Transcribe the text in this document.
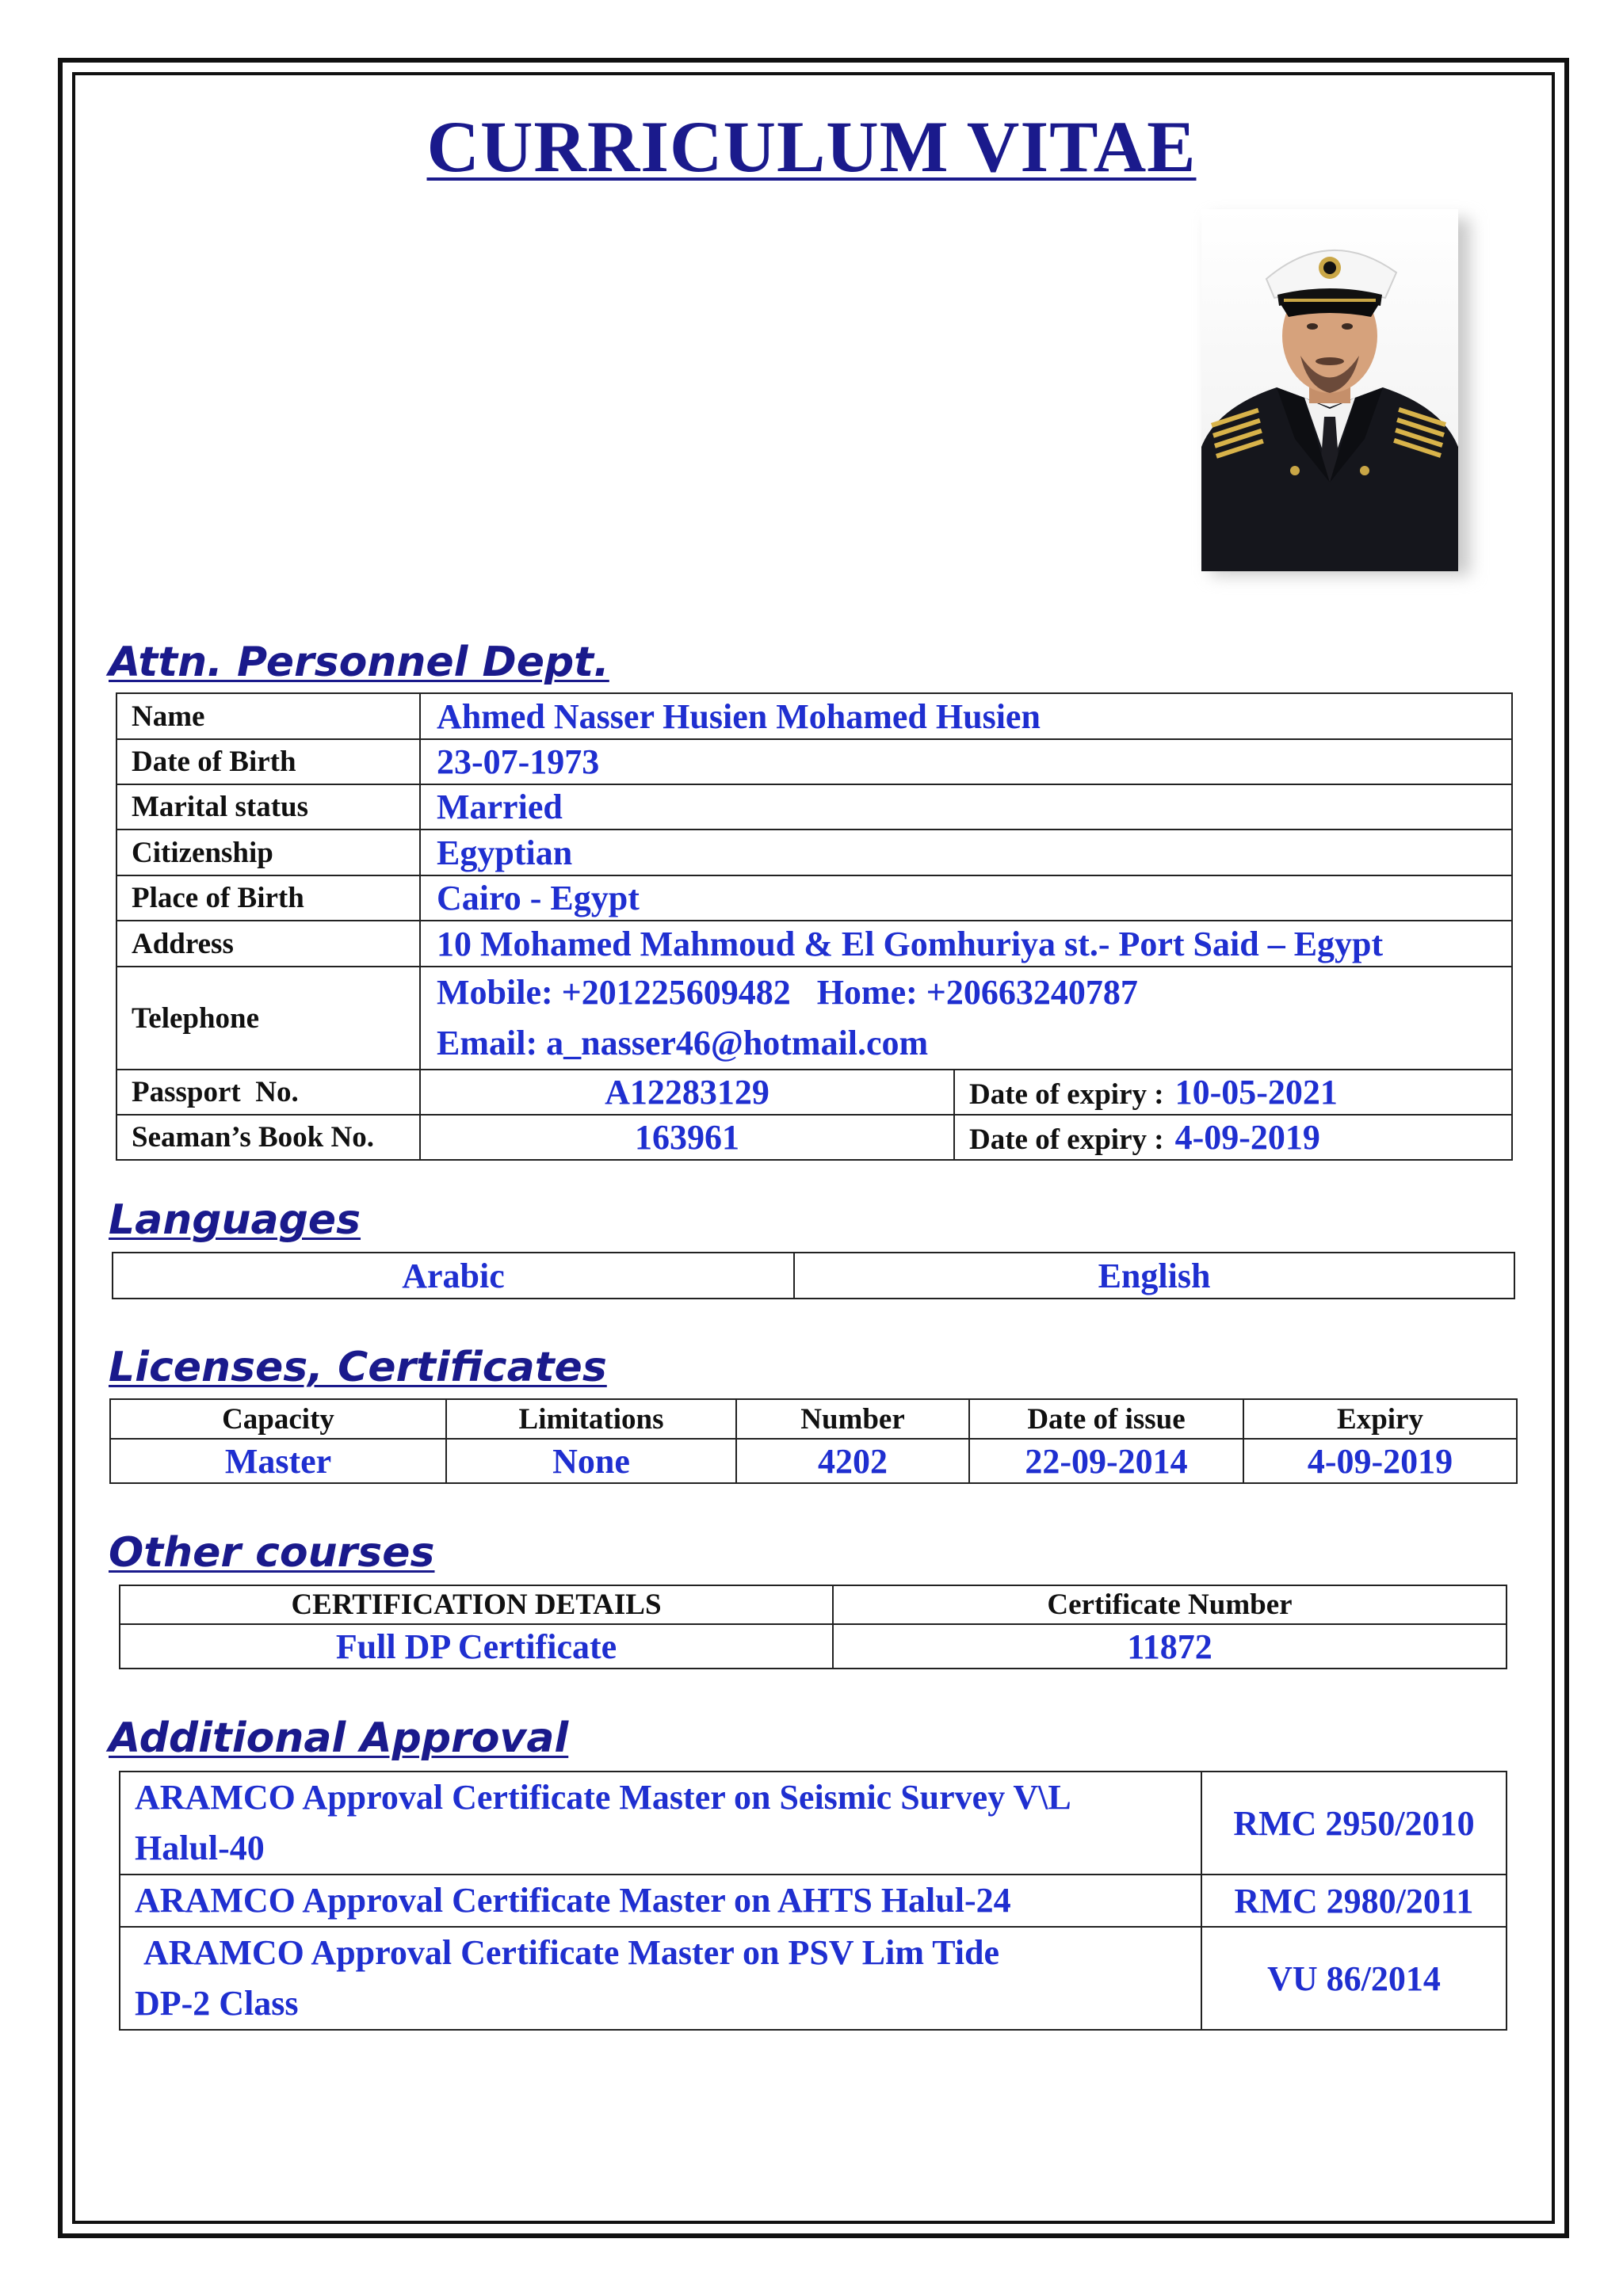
CURRICULUM VITAE
Attn. Personnel Dept.
Name	Ahmed Nasser Husien Mohamed Husien	
Date of Birth	23-07-1973	
Marital status	Married	
Citizenship	Egyptian	
Place of Birth	Cairo - Egypt	
Address	10 Mohamed Mahmoud & El Gomhuriya st.- Port Said – Egypt	
Telephone	Mobile: +201225609482   Home: +20663240787
Email: a_nasser46@hotmail.com	

Passport  No.	A12283129	Date of expiry : 10-05-2021
Seaman’s Book No.	163961	Date of expiry : 4-09-2019
Languages
Arabic	English
Licenses, Certificates
Capacity	Limitations	Number	Date of issue	Expiry
Master	None	4202	22-09-2014	4-09-2019
Other courses
CERTIFICATION DETAILS	Certificate Number
Full DP Certificate	11872
Additional Approval
ARAMCO Approval Certificate Master on Seismic Survey V\L
Halul-40	RMC 2950/2010

ARAMCO Approval Certificate Master on AHTS Halul-24	RMC 2980/2011

ARAMCO Approval Certificate Master on PSV Lim Tide
DP-2 Class	VU 86/2014
